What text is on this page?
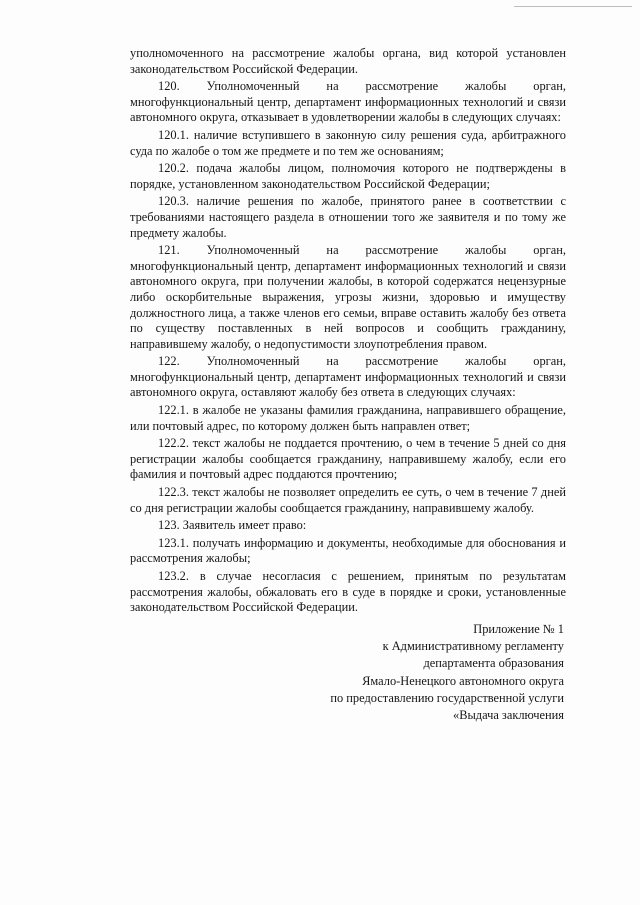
уполномоченного на рассмотрение жалобы органа, вид которой установлен законодательством Российской Федерации.

120. Уполномоченный на рассмотрение жалобы орган, многофункциональный центр, департамент информационных технологий и связи автономного округа, отказывает в удовлетворении жалобы в следующих случаях:

120.1. наличие вступившего в законную силу решения суда, арбитражного суда по жалобе о том же предмете и по тем же основаниям;

120.2. подача жалобы лицом, полномочия которого не подтверждены в порядке, установленном законодательством Российской Федерации;

120.3. наличие решения по жалобе, принятого ранее в соответствии с требованиями настоящего раздела в отношении того же заявителя и по тому же предмету жалобы.

121. Уполномоченный на рассмотрение жалобы орган, многофункциональный центр, департамент информационных технологий и связи автономного округа, при получении жалобы, в которой содержатся нецензурные либо оскорбительные выражения, угрозы жизни, здоровью и имуществу должностного лица, а также членов его семьи, вправе оставить жалобу без ответа по существу поставленных в ней вопросов и сообщить гражданину, направившему жалобу, о недопустимости злоупотребления правом.

122. Уполномоченный на рассмотрение жалобы орган, многофункциональный центр, департамент информационных технологий и связи автономного округа, оставляют жалобу без ответа в следующих случаях:

122.1. в жалобе не указаны фамилия гражданина, направившего обращение, или почтовый адрес, по которому должен быть направлен ответ;

122.2. текст жалобы не поддается прочтению, о чем в течение 5 дней со дня регистрации жалобы сообщается гражданину, направившему жалобу, если его фамилия и почтовый адрес поддаются прочтению;

122.3. текст жалобы не позволяет определить ее суть, о чем в течение 7 дней со дня регистрации жалобы сообщается гражданину, направившему жалобу.

123. Заявитель имеет право:

123.1. получать информацию и документы, необходимые для обоснования и рассмотрения жалобы;

123.2. в случае несогласия с решением, принятым по результатам рассмотрения жалобы, обжаловать его в суде в порядке и сроки, установленные законодательством Российской Федерации.

Приложение № 1
к Административному регламенту
департамента образования
Ямало-Ненецкого автономного округа
по предоставлению государственной услуги
«Выдача заключения
